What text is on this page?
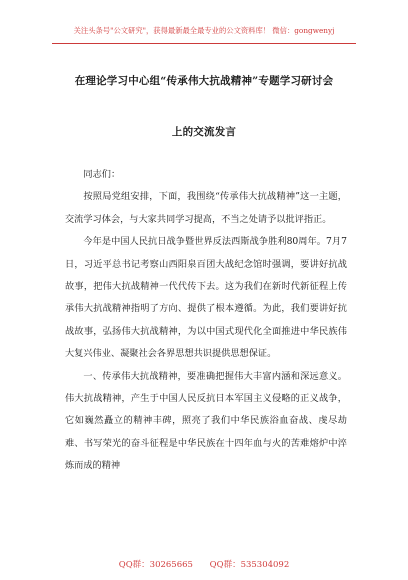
关注头条号"公文研究"，获得最新最全最专业的公文资料库！ 微信：gongwenyj
在理论学习中心组“传承伟大抗战精神”专题学习研讨会
上的交流发言

同志们：

按照局党组安排，下面，我围绕“传承伟大抗战精神”这一主题，交流学习体会，与大家共同学习提高，不当之处请予以批评指正。

今年是中国人民抗日战争暨世界反法西斯战争胜利80周年。7月7日，习近平总书记考察山西阳泉百团大战纪念馆时强调，要讲好抗战故事，把伟大抗战精神一代代传下去。这为我们在新时代新征程上传承伟大抗战精神指明了方向、提供了根本遵循。为此，我们要讲好抗战故事，弘扬伟大抗战精神，为以中国式现代化全面推进中华民族伟大复兴伟业、凝聚社会各界思想共识提供思想保证。

一、传承伟大抗战精神，要准确把握伟大丰富内涵和深远意义。伟大抗战精神，产生于中国人民反抗日本军国主义侵略的正义战争，它如巍然矗立的精神丰碑，照亮了我们中华民族浴血奋战、虔尽劫难、书写荣光的奋斗征程是中华民族在十四年血与火的苦难熔炉中淬炼而成的精神

QQ群：30265665 QQ群：535304092
